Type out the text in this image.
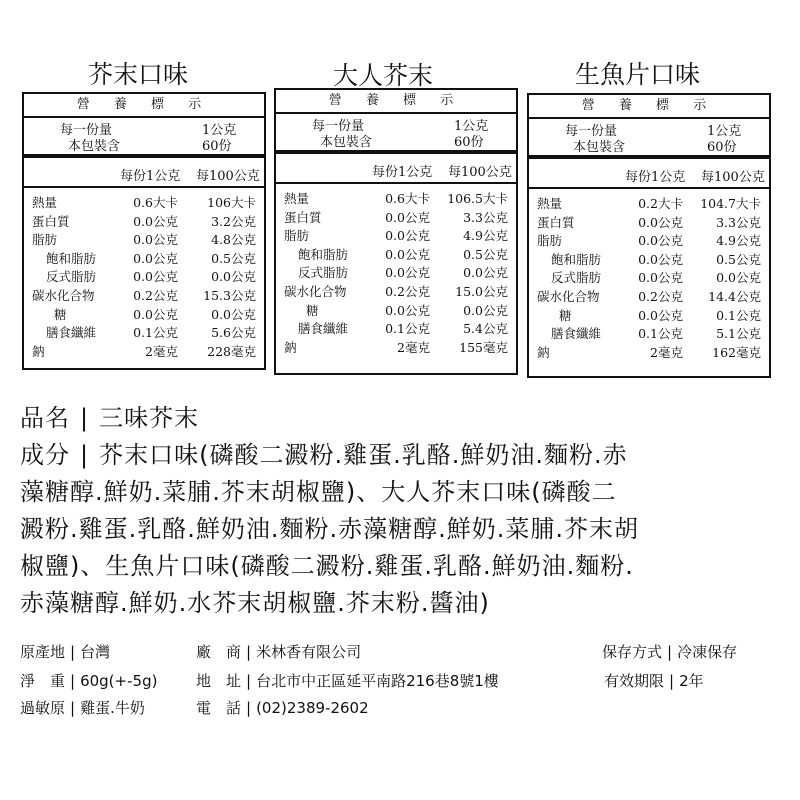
芥末口味	大人芥末	生魚片口味
營 養 標 示
每一份量	1公克
本包裝含	60份
每份1公克 每100公克
熱量	0.6大卡	106大卡
蛋白質	0.0公克	3.2公克
脂肪	0.0公克	4.8公克
飽和脂肪	0.0公克	0.5公克
反式脂肪	0.0公克	0.0公克
碳水化合物	0.2公克	15.3公克
糖	0.0公克	0.0公克
膳食纖維	0.1公克	5.6公克
鈉	2毫克	228毫克
營 養 標 示
每一份量	1公克
本包裝含	60份
每份1公克 每100公克
熱量	0.6大卡 106.5大卡
蛋白質	0.0公克	3.3公克
脂肪	0.0公克	4.9公克
飽和脂肪	0.0公克	0.5公克
反式脂肪	0.0公克	0.0公克
碳水化合物	0.2公克	15.0公克
糖	0.0公克	0.0公克
膳食纖維	0.1公克	5.4公克
鈉	2毫克	155毫克
營 養 標 示
每一份量	1公克
本包裝含	60份
每份1公克 每100公克
熱量	0.2大卡 104.7大卡
蛋白質	0.0公克	3.3公克
脂肪	0.0公克	4.9公克
飽和脂肪	0.0公克	0.5公克
反式脂肪	0.0公克	0.0公克
碳水化合物	0.2公克	14.4公克
糖	0.0公克	0.1公克
膳食纖維	0.1公克	5.1公克
鈉	2毫克	162毫克
品名 | 三味芥末
成分 | 芥末口味(磷酸二澱粉.雞蛋.乳酪.鮮奶油.麵粉.赤
藻糖醇.鮮奶.菜脯.芥末胡椒鹽)、大人芥末口味(磷酸二
澱粉.雞蛋.乳酪.鮮奶油.麵粉.赤藻糖醇.鮮奶.菜脯.芥末胡
椒鹽)、生魚片口味(磷酸二澱粉.雞蛋.乳酪.鮮奶油.麵粉.
赤藻糖醇.鮮奶.水芥末胡椒鹽.芥末粉.醬油)
原產地 | 台灣
淨　重 | 60g(+-5g)
過敏原 | 雞蛋.牛奶
廠　商 | 米林香有限公司
地　址 | 台北市中正區延平南路216巷8號1樓
電　話 | (02)2389-2602
保存方式 | 冷凍保存
有效期限 | 2年
